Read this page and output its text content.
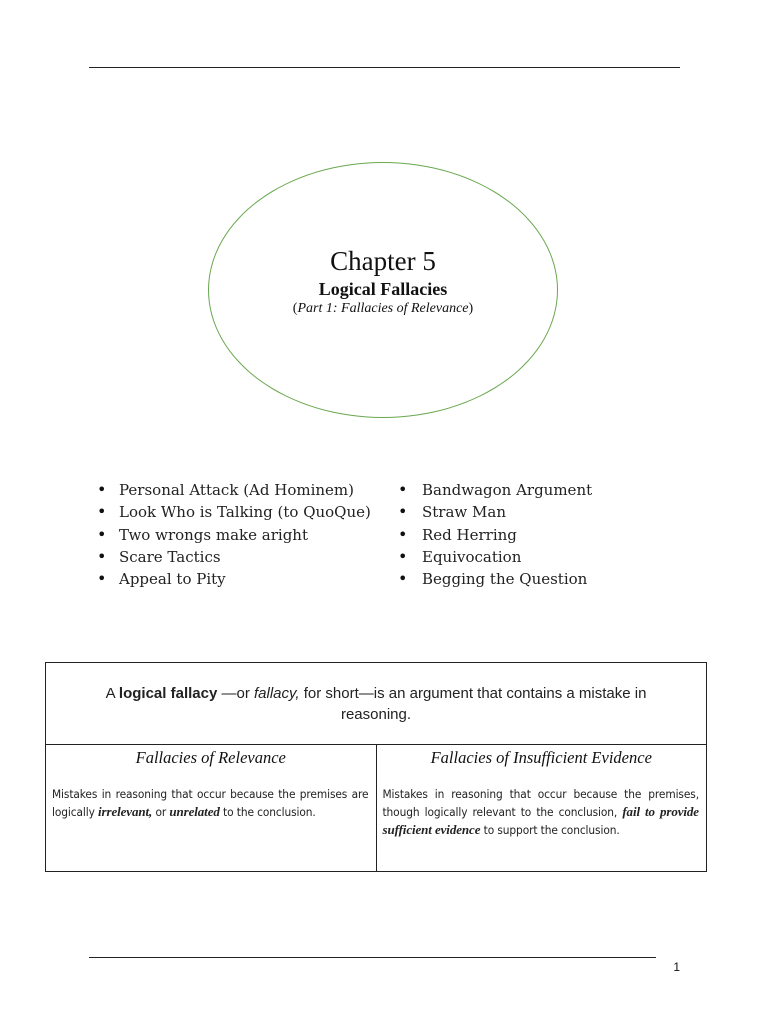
Chapter 5
Logical Fallacies
(Part 1: Fallacies of Relevance)
• Personal Attack (Ad Hominem)
• Look Who is Talking (to QuoQue)
• Two wrongs make aright
• Scare Tactics
• Appeal to Pity
• Bandwagon Argument
• Straw Man
• Red Herring
• Equivocation
• Begging the Question
A logical fallacy —or fallacy, for short—is an argument that contains a mistake in reasoning.

Fallacies of Relevance
Mistakes in reasoning that occur because the premises are logically irrelevant, or unrelated to the conclusion.

Fallacies of Insufficient Evidence
Mistakes in reasoning that occur because the premises, though logically relevant to the conclusion, fail to provide sufficient evidence to support the conclusion.
1
